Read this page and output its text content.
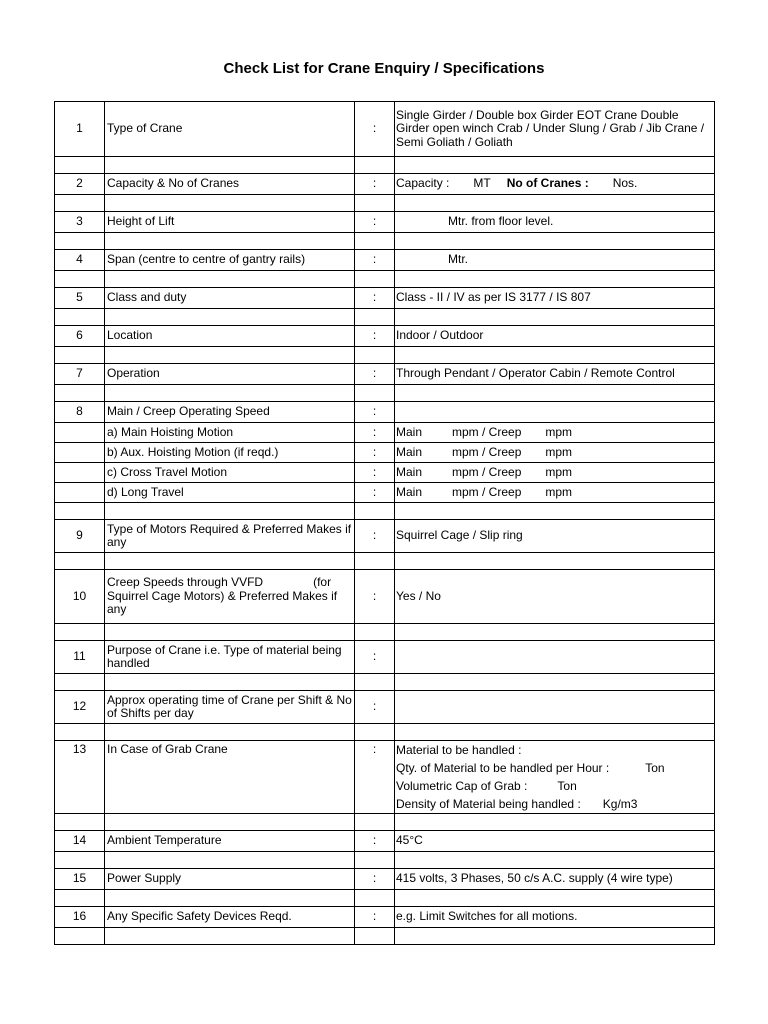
Check List for Crane Enquiry / Specifications
1	Type of Crane	:	Single Girder / Double box Girder EOT Crane Double Girder open winch Crab / Under Slung / Grab / Jib Crane / Semi Goliath / Goliath

2	Capacity & No of Cranes	:	Capacity : MT No of Cranes : Nos.

3	Height of Lift	:	Mtr. from floor level.

4	Span (centre to centre of gantry rails)	:	Mtr.

5	Class and duty	:	Class - II / IV as per IS 3177 / IS 807

6	Location	:	Indoor / Outdoor

7	Operation	:	Through Pendant / Operator Cabin / Remote Control

8	Main / Creep Operating Speed	:	
	a) Main Hoisting Motion	:	Main mpm / Creep mpm
	b) Aux. Hoisting Motion (if reqd.)	:	Main mpm / Creep mpm
	c) Cross Travel Motion	:	Main mpm / Creep mpm
	d) Long Travel	:	Main mpm / Creep mpm

9	Type of Motors Required & Preferred Makes if any	:	Squirrel Cage / Slip ring

10	Creep Speeds through VVFD               (for Squirrel Cage Motors) & Preferred Makes if any	:	Yes / No

11	Purpose of Crane i.e. Type of material being handled	:	

12	Approx operating time of Crane per Shift & No of Shifts per day	:	

13	In Case of Grab Crane	:	Material to be handled :
Qty. of Material to be handled per Hour : Ton
Volumetric Cap of Grab : Ton
Density of Material being handled : Kg/m3

14	Ambient Temperature	:	45°C

15	Power Supply	:	415 volts, 3 Phases, 50 c/s A.C. supply (4 wire type)

16	Any Specific Safety Devices Reqd.	:	e.g. Limit Switches for all motions.
